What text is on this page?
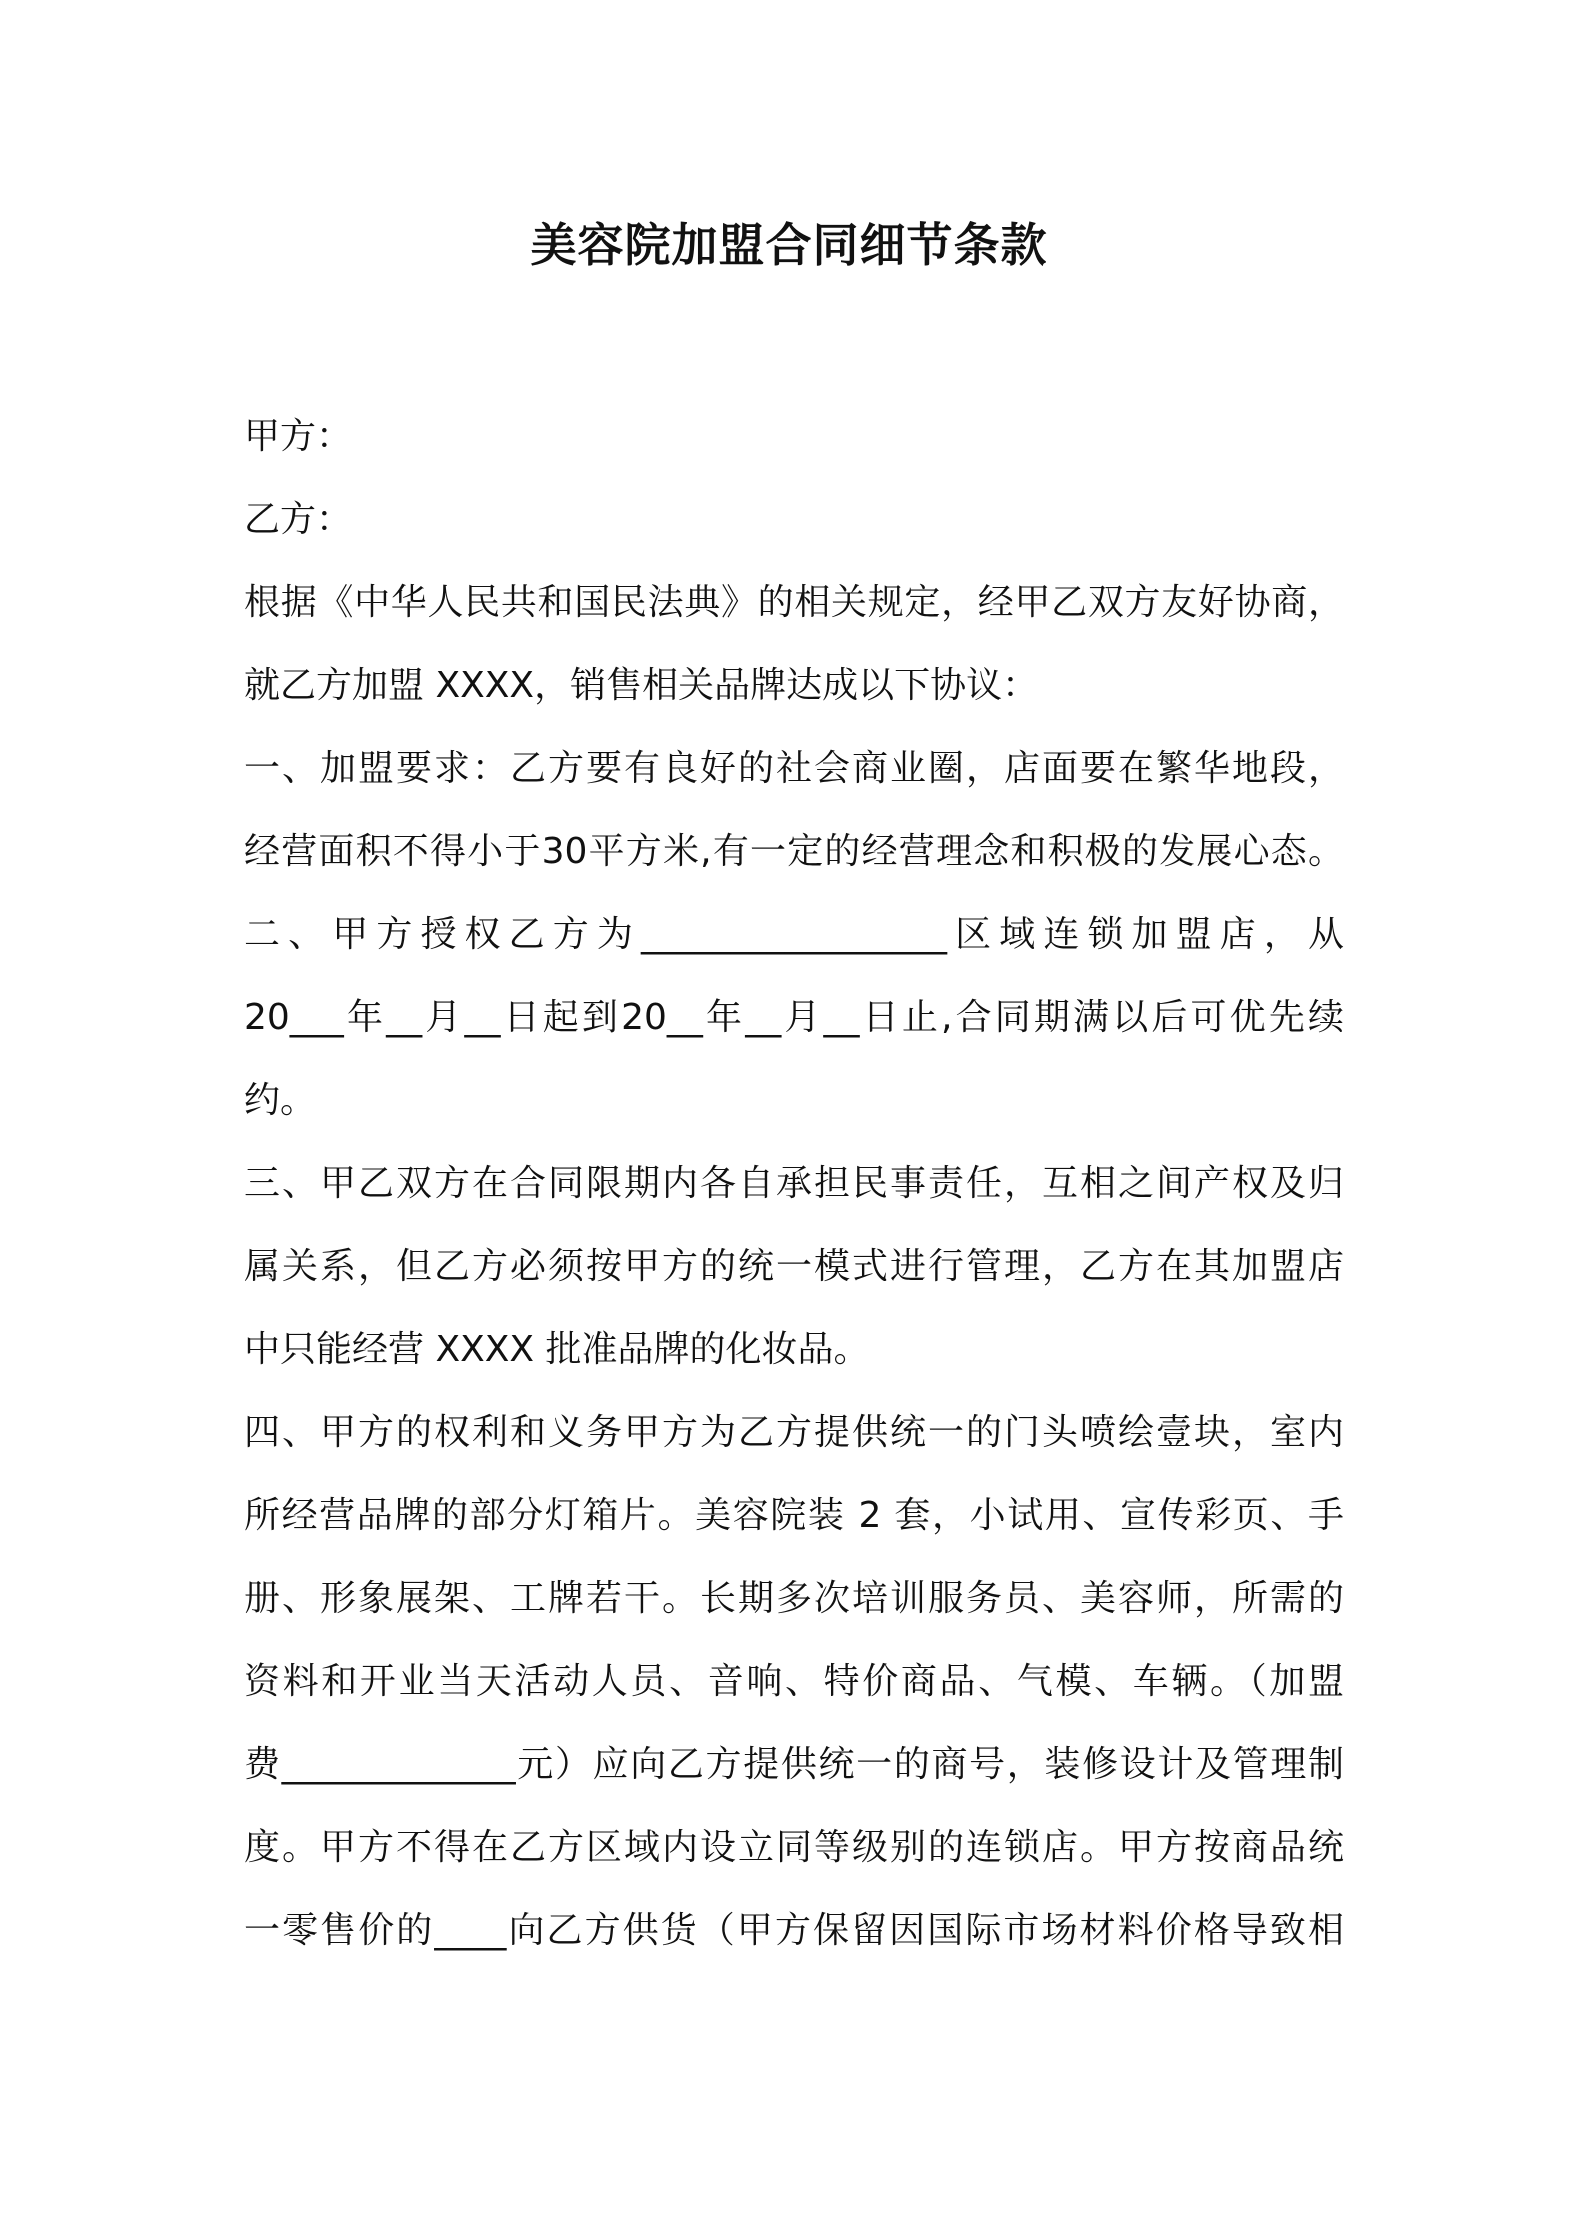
美容院加盟合同细节条款
甲方：
乙方：
根据《中华人民共和国民法典》的相关规定，经甲乙双方友好协商，
就乙方加盟 XXXX，销售相关品牌达成以下协议：
一、加盟要求：乙方要有良好的社会商业圈，店面要在繁华地段，
经营面积不得小于30平方米,有一定的经营理念和积极的发展心态。
二、甲方授权乙方为_________________区域连锁加盟店，从
20___年__月__日起到20__年__月__日止,合同期满以后可优先续
约。
三、甲乙双方在合同限期内各自承担民事责任，互相之间产权及归
属关系，但乙方必须按甲方的统一模式进行管理，乙方在其加盟店
中只能经营 XXXX 批准品牌的化妆品。
四、甲方的权利和义务甲方为乙方提供统一的门头喷绘壹块，室内
所经营品牌的部分灯箱片。美容院装 2 套，小试用、宣传彩页、手
册、形象展架、工牌若干。长期多次培训服务员、美容师，所需的
资料和开业当天活动人员、音响、特价商品、气模、车辆。（加盟
费_____________元）应向乙方提供统一的商号，装修设计及管理制
度。甲方不得在乙方区域内设立同等级别的连锁店。甲方按商品统
一零售价的____向乙方供货（甲方保留因国际市场材料价格导致相
